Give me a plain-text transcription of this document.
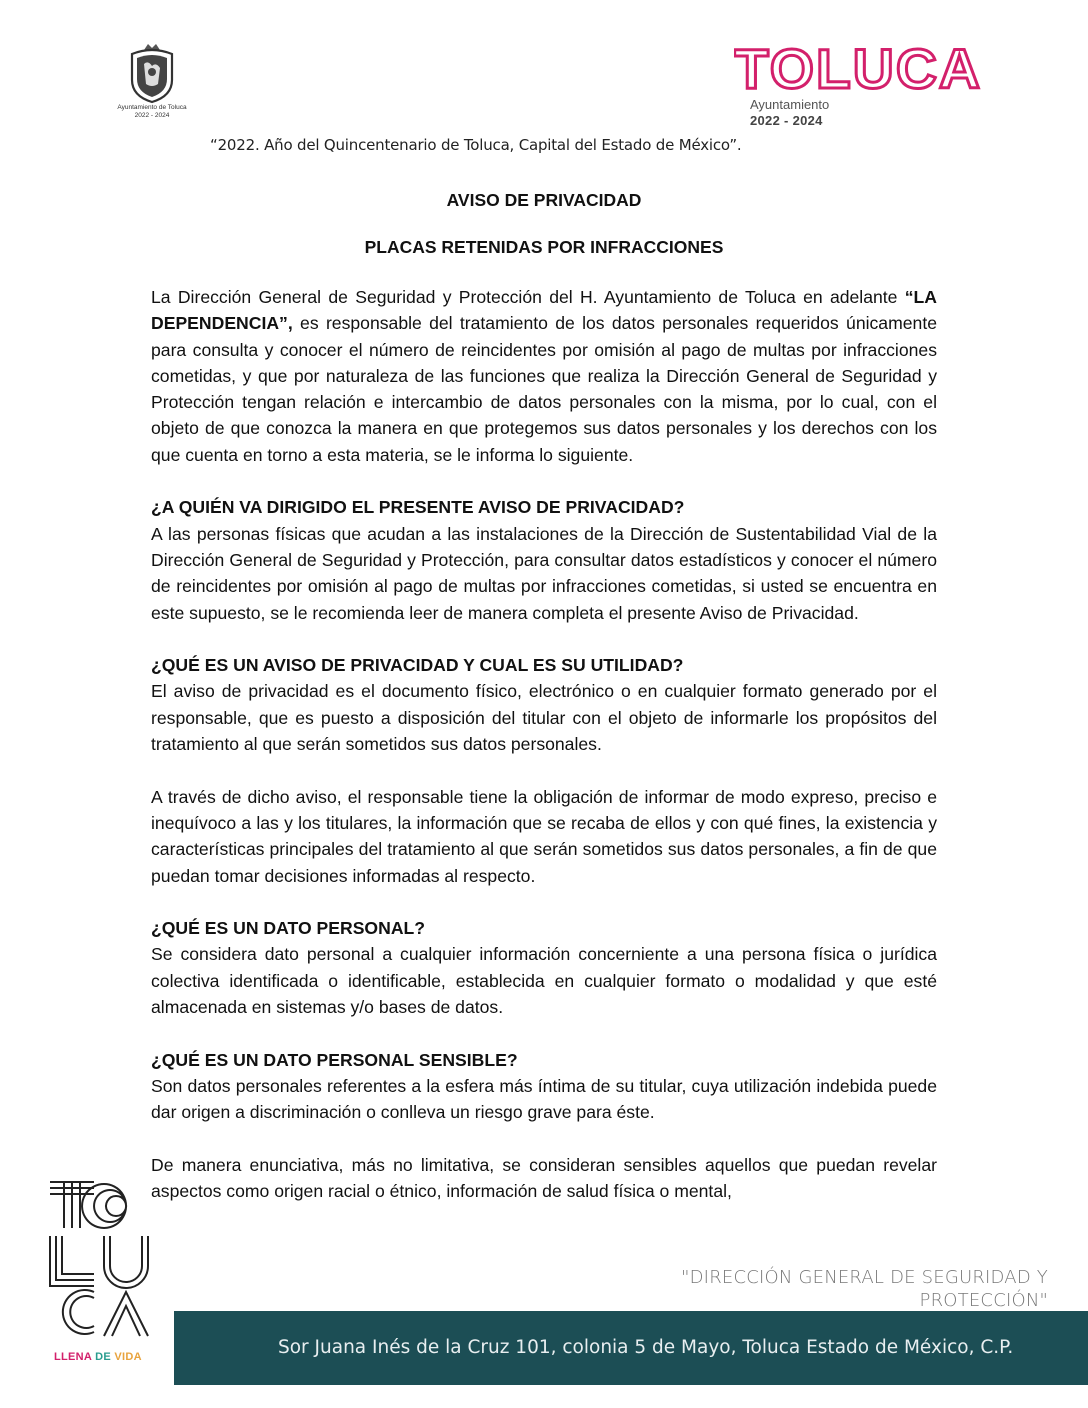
Ayuntamiento de Toluca
2022 - 2024
TOLUCA
Ayuntamiento
2022 - 2024
“2022. Año del Quincentenario de Toluca, Capital del Estado de México”.
AVISO DE PRIVACIDAD
PLACAS RETENIDAS POR INFRACCIONES

La Dirección General de Seguridad y Protección del H. Ayuntamiento de Toluca en adelante “LA DEPENDENCIA”, es responsable del tratamiento de los datos personales requeridos únicamente para consulta y conocer el número de reincidentes por omisión al pago de multas por infracciones cometidas, y que por naturaleza de las funciones que realiza la Dirección General de Seguridad y Protección tengan relación e intercambio de datos personales con la misma, por lo cual, con el objeto de que conozca la manera en que protegemos sus datos personales y los derechos con los que cuenta en torno a esta materia, se le informa lo siguiente.

¿A QUIÉN VA DIRIGIDO EL PRESENTE AVISO DE PRIVACIDAD?

A las personas físicas que acudan a las instalaciones de la Dirección de Sustentabilidad Vial de la Dirección General de Seguridad y Protección, para consultar datos estadísticos y conocer el número de reincidentes por omisión al pago de multas por infracciones cometidas, si usted se encuentra en este supuesto, se le recomienda leer de manera completa el presente Aviso de Privacidad.

¿QUÉ ES UN AVISO DE PRIVACIDAD Y CUAL ES SU UTILIDAD?

El aviso de privacidad es el documento físico, electrónico o en cualquier formato generado por el responsable, que es puesto a disposición del titular con el objeto de informarle los propósitos del tratamiento al que serán sometidos sus datos personales.

A través de dicho aviso, el responsable tiene la obligación de informar de modo expreso, preciso e inequívoco a las y los titulares, la información que se recaba de ellos y con qué fines, la existencia y características principales del tratamiento al que serán sometidos sus datos personales, a fin de que puedan tomar decisiones informadas al respecto.

¿QUÉ ES UN DATO PERSONAL?

Se considera dato personal a cualquier información concerniente a una persona física o jurídica colectiva identificada o identificable, establecida en cualquier formato o modalidad y que esté almacenada en sistemas y/o bases de datos.

¿QUÉ ES UN DATO PERSONAL SENSIBLE?

Son datos personales referentes a la esfera más íntima de su titular, cuya utilización indebida puede dar origen a discriminación o conlleva un riesgo grave para éste.

De manera enunciativa, más no limitativa, se consideran sensibles aquellos que puedan revelar aspectos como origen racial o étnico, información de salud física o mental,

TOLUCA
LLENA DE VIDA
"DIRECCIÓN GENERAL DE SEGURIDAD Y
PROTECCIÓN"
Sor Juana Inés de la Cruz 101, colonia 5 de Mayo, Toluca Estado de México, C.P.
